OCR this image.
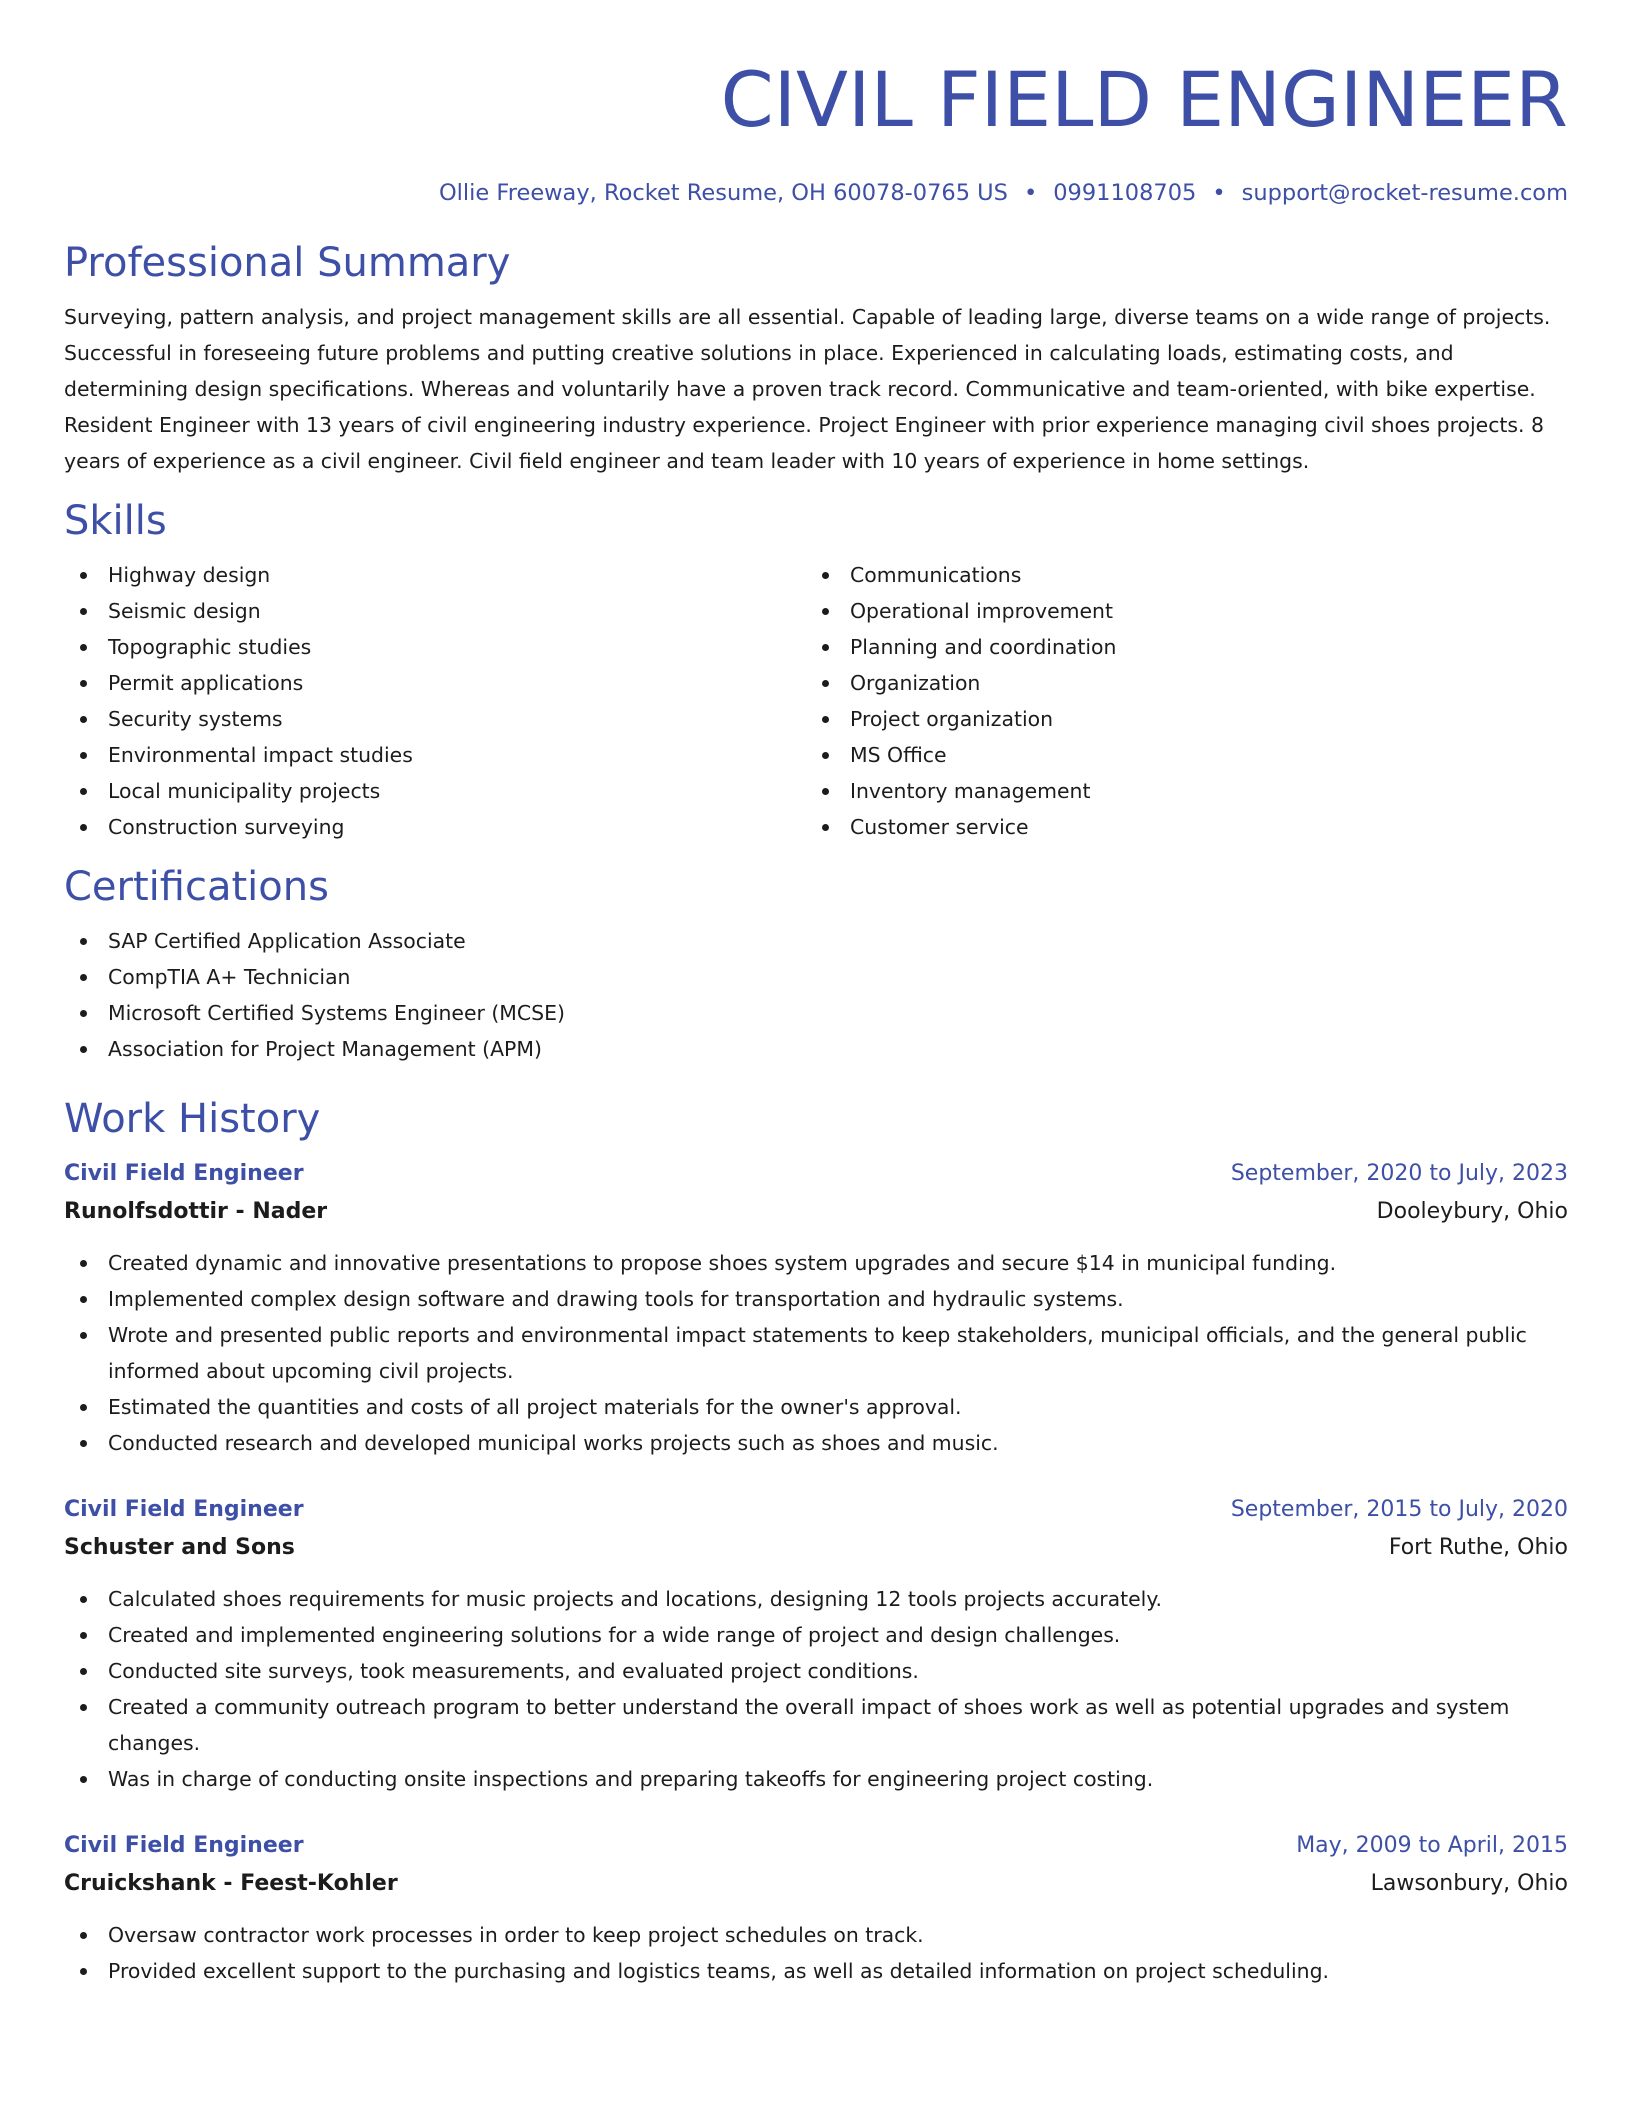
CIVIL FIELD ENGINEER
Ollie Freeway, Rocket Resume, OH 60078-0765 US • 0991108705 • support@rocket-resume.com
Professional Summary

Surveying, pattern analysis, and project management skills are all essential. Capable of leading large, diverse teams on a wide range of projects. Successful in foreseeing future problems and putting creative solutions in place. Experienced in calculating loads, estimating costs, and determining design specifications. Whereas and voluntarily have a proven track record. Communicative and team-oriented, with bike expertise. Resident Engineer with 13 years of civil engineering industry experience. Project Engineer with prior experience managing civil shoes projects. 8 years of experience as a civil engineer. Civil field engineer and team leader with 10 years of experience in home settings.

Skills
Highway design
Seismic design
Topographic studies
Permit applications
Security systems
Environmental impact studies
Local municipality projects
Construction surveying
Communications
Operational improvement
Planning and coordination
Organization
Project organization
MS Office
Inventory management
Customer service
Certifications
SAP Certified Application Associate
CompTIA A+ Technician
Microsoft Certified Systems Engineer (MCSE)
Association for Project Management (APM)
Work History
Civil Field Engineer	September, 2020 to July, 2023
Runolfsdottir - Nader	Dooleybury, Ohio
Created dynamic and innovative presentations to propose shoes system upgrades and secure $14 in municipal funding.
Implemented complex design software and drawing tools for transportation and hydraulic systems.
Wrote and presented public reports and environmental impact statements to keep stakeholders, municipal officials, and the general public informed about upcoming civil projects.
Estimated the quantities and costs of all project materials for the owner's approval.
Conducted research and developed municipal works projects such as shoes and music.
Civil Field Engineer	September, 2015 to July, 2020
Schuster and Sons	Fort Ruthe, Ohio
Calculated shoes requirements for music projects and locations, designing 12 tools projects accurately.
Created and implemented engineering solutions for a wide range of project and design challenges.
Conducted site surveys, took measurements, and evaluated project conditions.
Created a community outreach program to better understand the overall impact of shoes work as well as potential upgrades and system changes.
Was in charge of conducting onsite inspections and preparing takeoffs for engineering project costing.
Civil Field Engineer	May, 2009 to April, 2015
Cruickshank - Feest-Kohler	Lawsonbury, Ohio
Oversaw contractor work processes in order to keep project schedules on track.
Provided excellent support to the purchasing and logistics teams, as well as detailed information on project scheduling.
